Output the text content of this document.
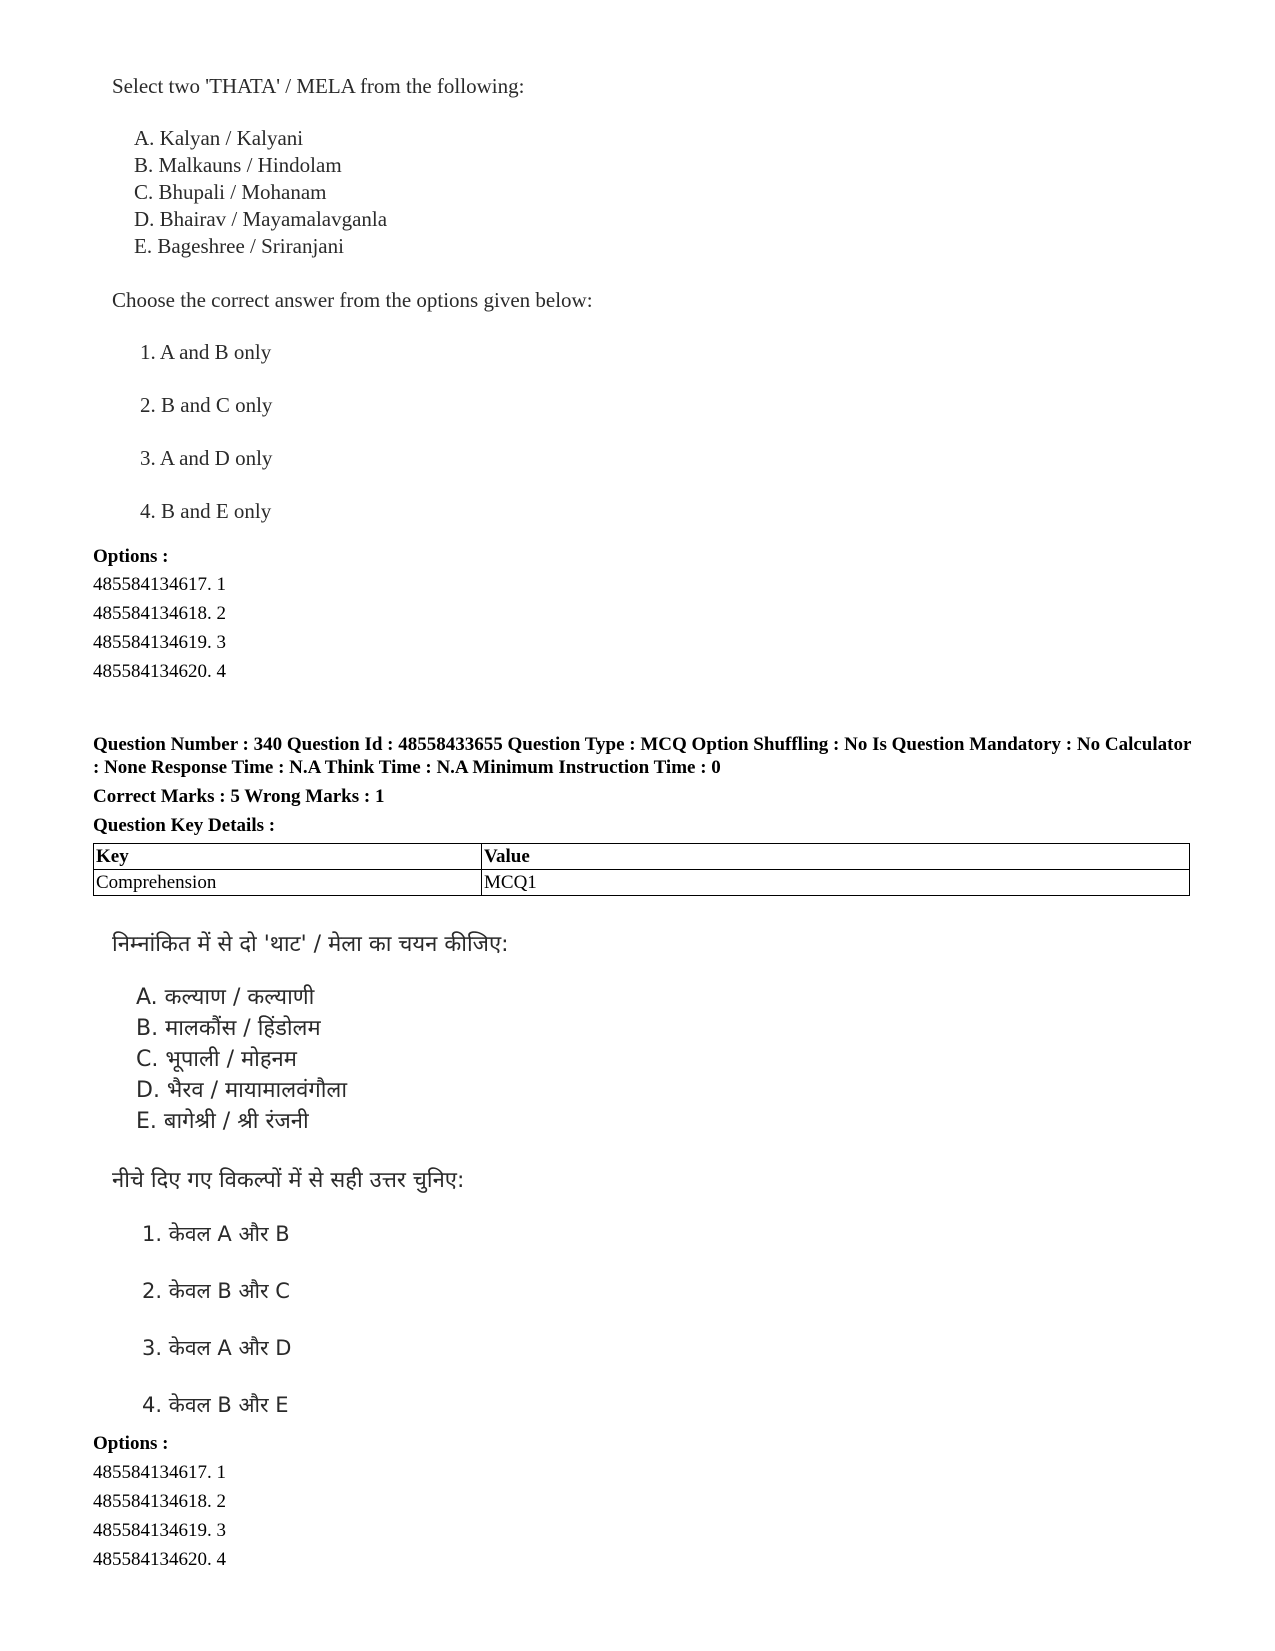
Select two 'THATA' / MELA from the following:
A. Kalyan / Kalyani
B. Malkauns / Hindolam
C. Bhupali / Mohanam
D. Bhairav / Mayamalavganla
E. Bageshree / Sriranjani
Choose the correct answer from the options given below:
1. A and B only
2. B and C only
3. A and D only
4. B and E only
Options :
485584134617. 1
485584134618. 2
485584134619. 3
485584134620. 4
Question Number : 340 Question Id : 48558433655 Question Type : MCQ Option Shuffling : No Is Question Mandatory : No Calculator : None Response Time : N.A Think Time : N.A Minimum Instruction Time : 0
Correct Marks : 5 Wrong Marks : 1
Question Key Details :
Key	Value
Comprehension	MCQ1
निम्नांकित में से दो 'थाट' / मेला का चयन कीजिए:
A. कल्याण / कल्याणी
B. मालकौंस / हिंडोलम
C. भूपाली / मोहनम
D. भैरव / मायामालवंगौला
E. बागेश्री / श्री रंजनी
नीचे दिए गए विकल्पों में से सही उत्तर चुनिए:
1. केवल A और B
2. केवल B और C
3. केवल A और D
4. केवल B और E
Options :
485584134617. 1
485584134618. 2
485584134619. 3
485584134620. 4
